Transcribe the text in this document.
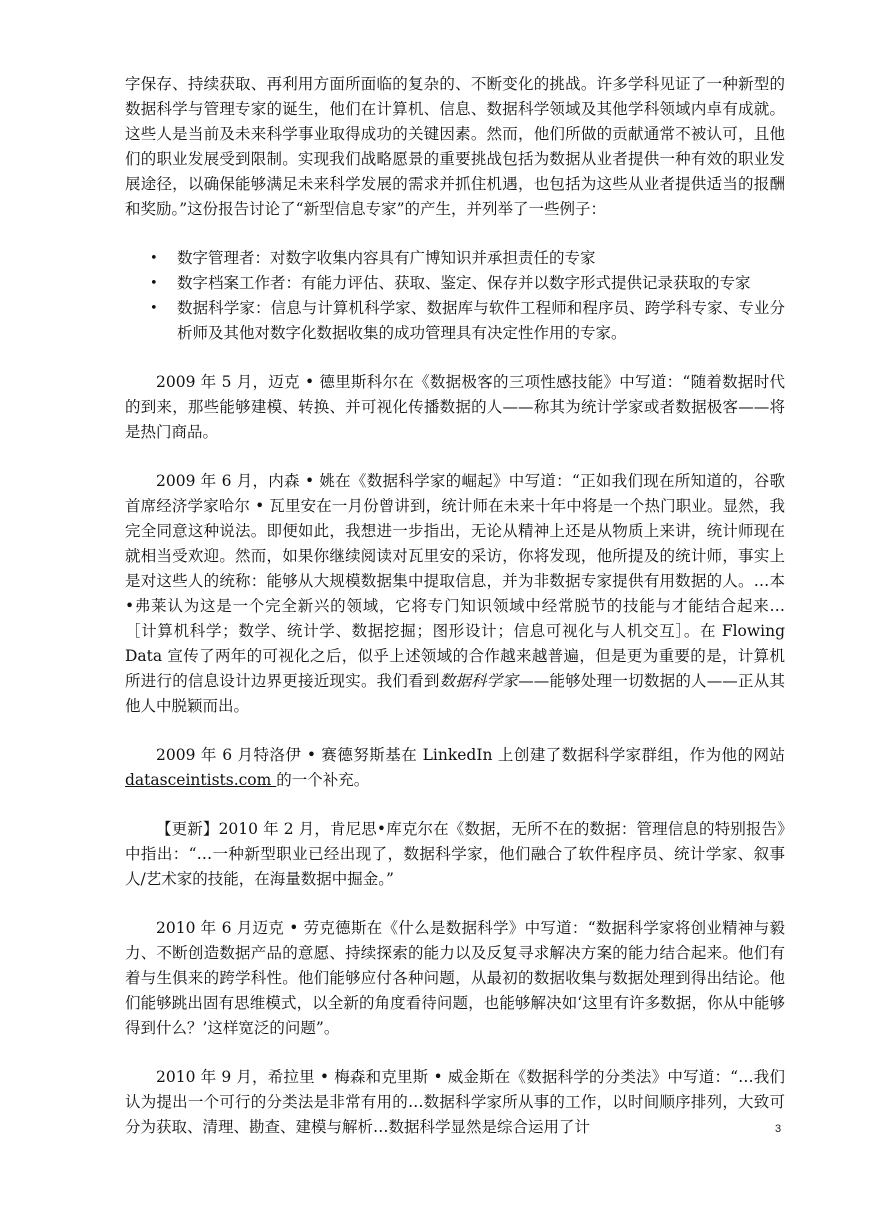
字保存、持续获取、再利用方面所面临的复杂的、不断变化的挑战。许多学科见证了一种新型的数据科学与管理专家的诞生，他们在计算机、信息、数据科学领域及其他学科领域内卓有成就。这些人是当前及未来科学事业取得成功的关键因素。然而，他们所做的贡献通常不被认可，且他们的职业发展受到限制。实现我们战略愿景的重要挑战包括为数据从业者提供一种有效的职业发展途径，以确保能够满足未来科学发展的需求并抓住机遇，也包括为这些从业者提供适当的报酬和奖励。”这份报告讨论了“新型信息专家”的产生，并列举了一些例子：

• 数字管理者：对数字收集内容具有广博知识并承担责任的专家
• 数字档案工作者：有能力评估、获取、鉴定、保存并以数字形式提供记录获取的专家
• 数据科学家：信息与计算机科学家、数据库与软件工程师和程序员、跨学科专家、专业分析师及其他对数字化数据收集的成功管理具有决定性作用的专家。

2009 年 5 月，迈克 • 德里斯科尔在《数据极客的三项性感技能》中写道：“随着数据时代的到来，那些能够建模、转换、并可视化传播数据的人——称其为统计学家或者数据极客——将是热门商品。

2009 年 6 月，内森 • 姚在《数据科学家的崛起》中写道：“正如我们现在所知道的，谷歌首席经济学家哈尔 • 瓦里安在一月份曾讲到，统计师在未来十年中将是一个热门职业。显然，我完全同意这种说法。即便如此，我想进一步指出，无论从精神上还是从物质上来讲，统计师现在就相当受欢迎。然而，如果你继续阅读对瓦里安的采访，你将发现，他所提及的统计师，事实上是对这些人的统称：能够从大规模数据集中提取信息，并为非数据专家提供有用数据的人。…本•弗莱认为这是一个完全新兴的领域，它将专门知识领域中经常脱节的技能与才能结合起来…［计算机科学；数学、统计学、数据挖掘；图形设计；信息可视化与人机交互］。在 Flowing Data 宣传了两年的可视化之后，似乎上述领域的合作越来越普遍，但是更为重要的是，计算机所进行的信息设计边界更接近现实。我们看到数据科学家——能够处理一切数据的人——正从其他人中脱颖而出。

2009 年 6 月特洛伊 • 赛德努斯基在 LinkedIn 上创建了数据科学家群组，作为他的网站 datasceintists.com 的一个补充。

【更新】2010 年 2 月，肯尼思•库克尔在《数据，无所不在的数据：管理信息的特别报告》中指出：“…一种新型职业已经出现了，数据科学家，他们融合了软件程序员、统计学家、叙事人/艺术家的技能，在海量数据中掘金。”

2010 年 6 月迈克 • 劳克德斯在《什么是数据科学》中写道：“数据科学家将创业精神与毅力、不断创造数据产品的意愿、持续探索的能力以及反复寻求解决方案的能力结合起来。他们有着与生俱来的跨学科性。他们能够应付各种问题，从最初的数据收集与数据处理到得出结论。他们能够跳出固有思维模式，以全新的角度看待问题，也能够解决如‘这里有许多数据，你从中能够得到什么？’这样宽泛的问题”。

2010 年 9 月，希拉里 • 梅森和克里斯 • 威金斯在《数据科学的分类法》中写道：“…我们认为提出一个可行的分类法是非常有用的…数据科学家所从事的工作，以时间顺序排列，大致可分为获取、清理、勘查、建模与解析…数据科学显然是综合运用了计	3
